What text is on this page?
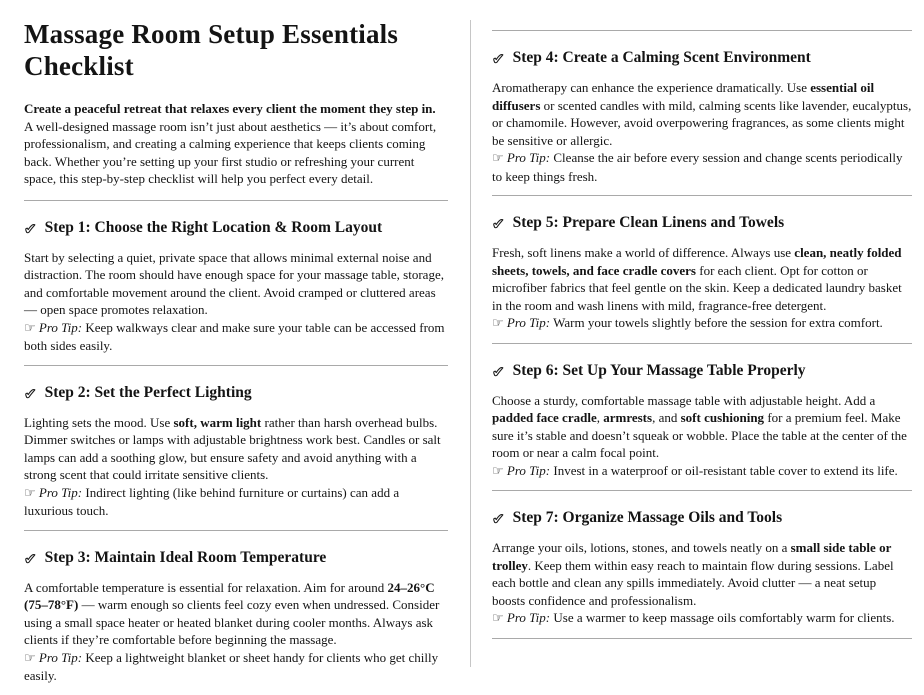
Massage Room Setup Essentials Checklist

Create a peaceful retreat that relaxes every client the moment they step in.
A well-designed massage room isn’t just about aesthetics — it’s about comfort, professionalism, and creating a calming experience that keeps clients coming back. Whether you’re setting up your first studio or refreshing your current space, this step-by-step checklist will help you perfect every detail.

✔ Step 1: Choose the Right Location & Room Layout

Start by selecting a quiet, private space that allows minimal external noise and distraction. The room should have enough space for your massage table, storage, and comfortable movement around the client. Avoid cramped or cluttered areas — open space promotes relaxation.

☞ Pro Tip: Keep walkways clear and make sure your table can be accessed from both sides easily.

✔ Step 2: Set the Perfect Lighting

Lighting sets the mood. Use soft, warm light rather than harsh overhead bulbs. Dimmer switches or lamps with adjustable brightness work best. Candles or salt lamps can add a soothing glow, but ensure safety and avoid anything with a strong scent that could irritate sensitive clients.

☞ Pro Tip: Indirect lighting (like behind furniture or curtains) can add a luxurious touch.

✔ Step 3: Maintain Ideal Room Temperature

A comfortable temperature is essential for relaxation. Aim for around 24–26°C (75–78°F) — warm enough so clients feel cozy even when undressed. Consider using a small space heater or heated blanket during cooler months. Always ask clients if they’re comfortable before beginning the massage.

☞ Pro Tip: Keep a lightweight blanket or sheet handy for clients who get chilly easily.

✔ Step 4: Create a Calming Scent Environment

Aromatherapy can enhance the experience dramatically. Use essential oil diffusers or scented candles with mild, calming scents like lavender, eucalyptus, or chamomile. However, avoid overpowering fragrances, as some clients might be sensitive or allergic.

☞ Pro Tip: Cleanse the air before every session and change scents periodically to keep things fresh.

✔ Step 5: Prepare Clean Linens and Towels

Fresh, soft linens make a world of difference. Always use clean, neatly folded sheets, towels, and face cradle covers for each client. Opt for cotton or microfiber fabrics that feel gentle on the skin. Keep a dedicated laundry basket in the room and wash linens with mild, fragrance-free detergent.

☞ Pro Tip: Warm your towels slightly before the session for extra comfort.

✔ Step 6: Set Up Your Massage Table Properly

Choose a sturdy, comfortable massage table with adjustable height. Add a padded face cradle, armrests, and soft cushioning for a premium feel. Make sure it’s stable and doesn’t squeak or wobble. Place the table at the center of the room or near a calm focal point.

☞ Pro Tip: Invest in a waterproof or oil-resistant table cover to extend its life.

✔ Step 7: Organize Massage Oils and Tools

Arrange your oils, lotions, stones, and towels neatly on a small side table or trolley. Keep them within easy reach to maintain flow during sessions. Label each bottle and clean any spills immediately. Avoid clutter — a neat setup boosts confidence and professionalism.

☞ Pro Tip: Use a warmer to keep massage oils comfortably warm for clients.
